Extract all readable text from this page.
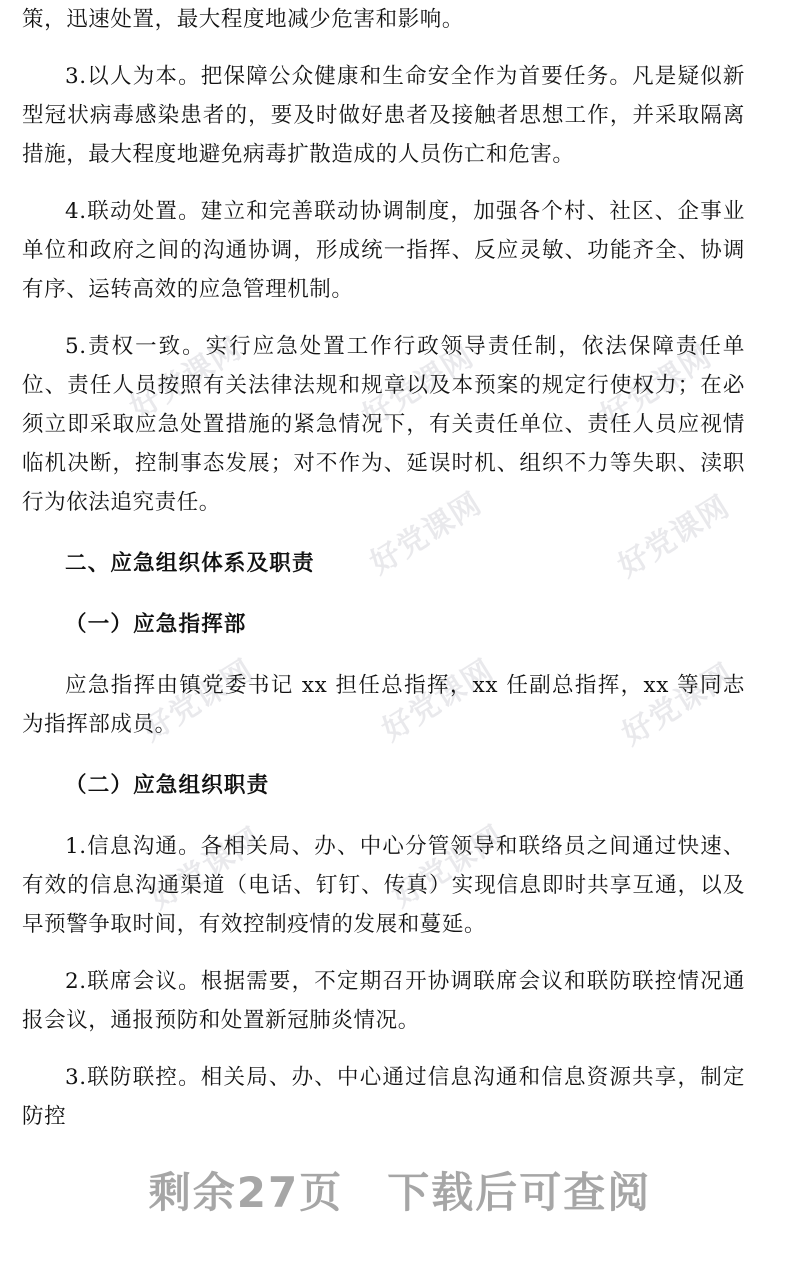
好党课网	好党课网	好党课网
好党课网	好党课网
好党课网	好党课网	好党课网
好党课网	好党课网

策，迅速处置，最大程度地减少危害和影响。

3.以人为本。把保障公众健康和生命安全作为首要任务。凡是疑似新型冠状病毒感染患者的，要及时做好患者及接触者思想工作，并采取隔离措施，最大程度地避免病毒扩散造成的人员伤亡和危害。

4.联动处置。建立和完善联动协调制度，加强各个村、社区、企事业单位和政府之间的沟通协调，形成统一指挥、反应灵敏、功能齐全、协调有序、运转高效的应急管理机制。

5.责权一致。实行应急处置工作行政领导责任制，依法保障责任单位、责任人员按照有关法律法规和规章以及本预案的规定行使权力；在必须立即采取应急处置措施的紧急情况下，有关责任单位、责任人员应视情临机决断，控制事态发展；对不作为、延误时机、组织不力等失职、渎职行为依法追究责任。

二、应急组织体系及职责

（一）应急指挥部

应急指挥由镇党委书记 xx 担任总指挥，xx 任副总指挥，xx 等同志为指挥部成员。

（二）应急组织职责

1.信息沟通。各相关局、办、中心分管领导和联络员之间通过快速、有效的信息沟通渠道（电话、钉钉、传真）实现信息即时共享互通，以及早预警争取时间，有效控制疫情的发展和蔓延。

2.联席会议。根据需要，不定期召开协调联席会议和联防联控情况通报会议，通报预防和处置新冠肺炎情况。

3.联防联控。相关局、办、中心通过信息沟通和信息资源共享，制定防控

剩余27页　下载后可查阅
